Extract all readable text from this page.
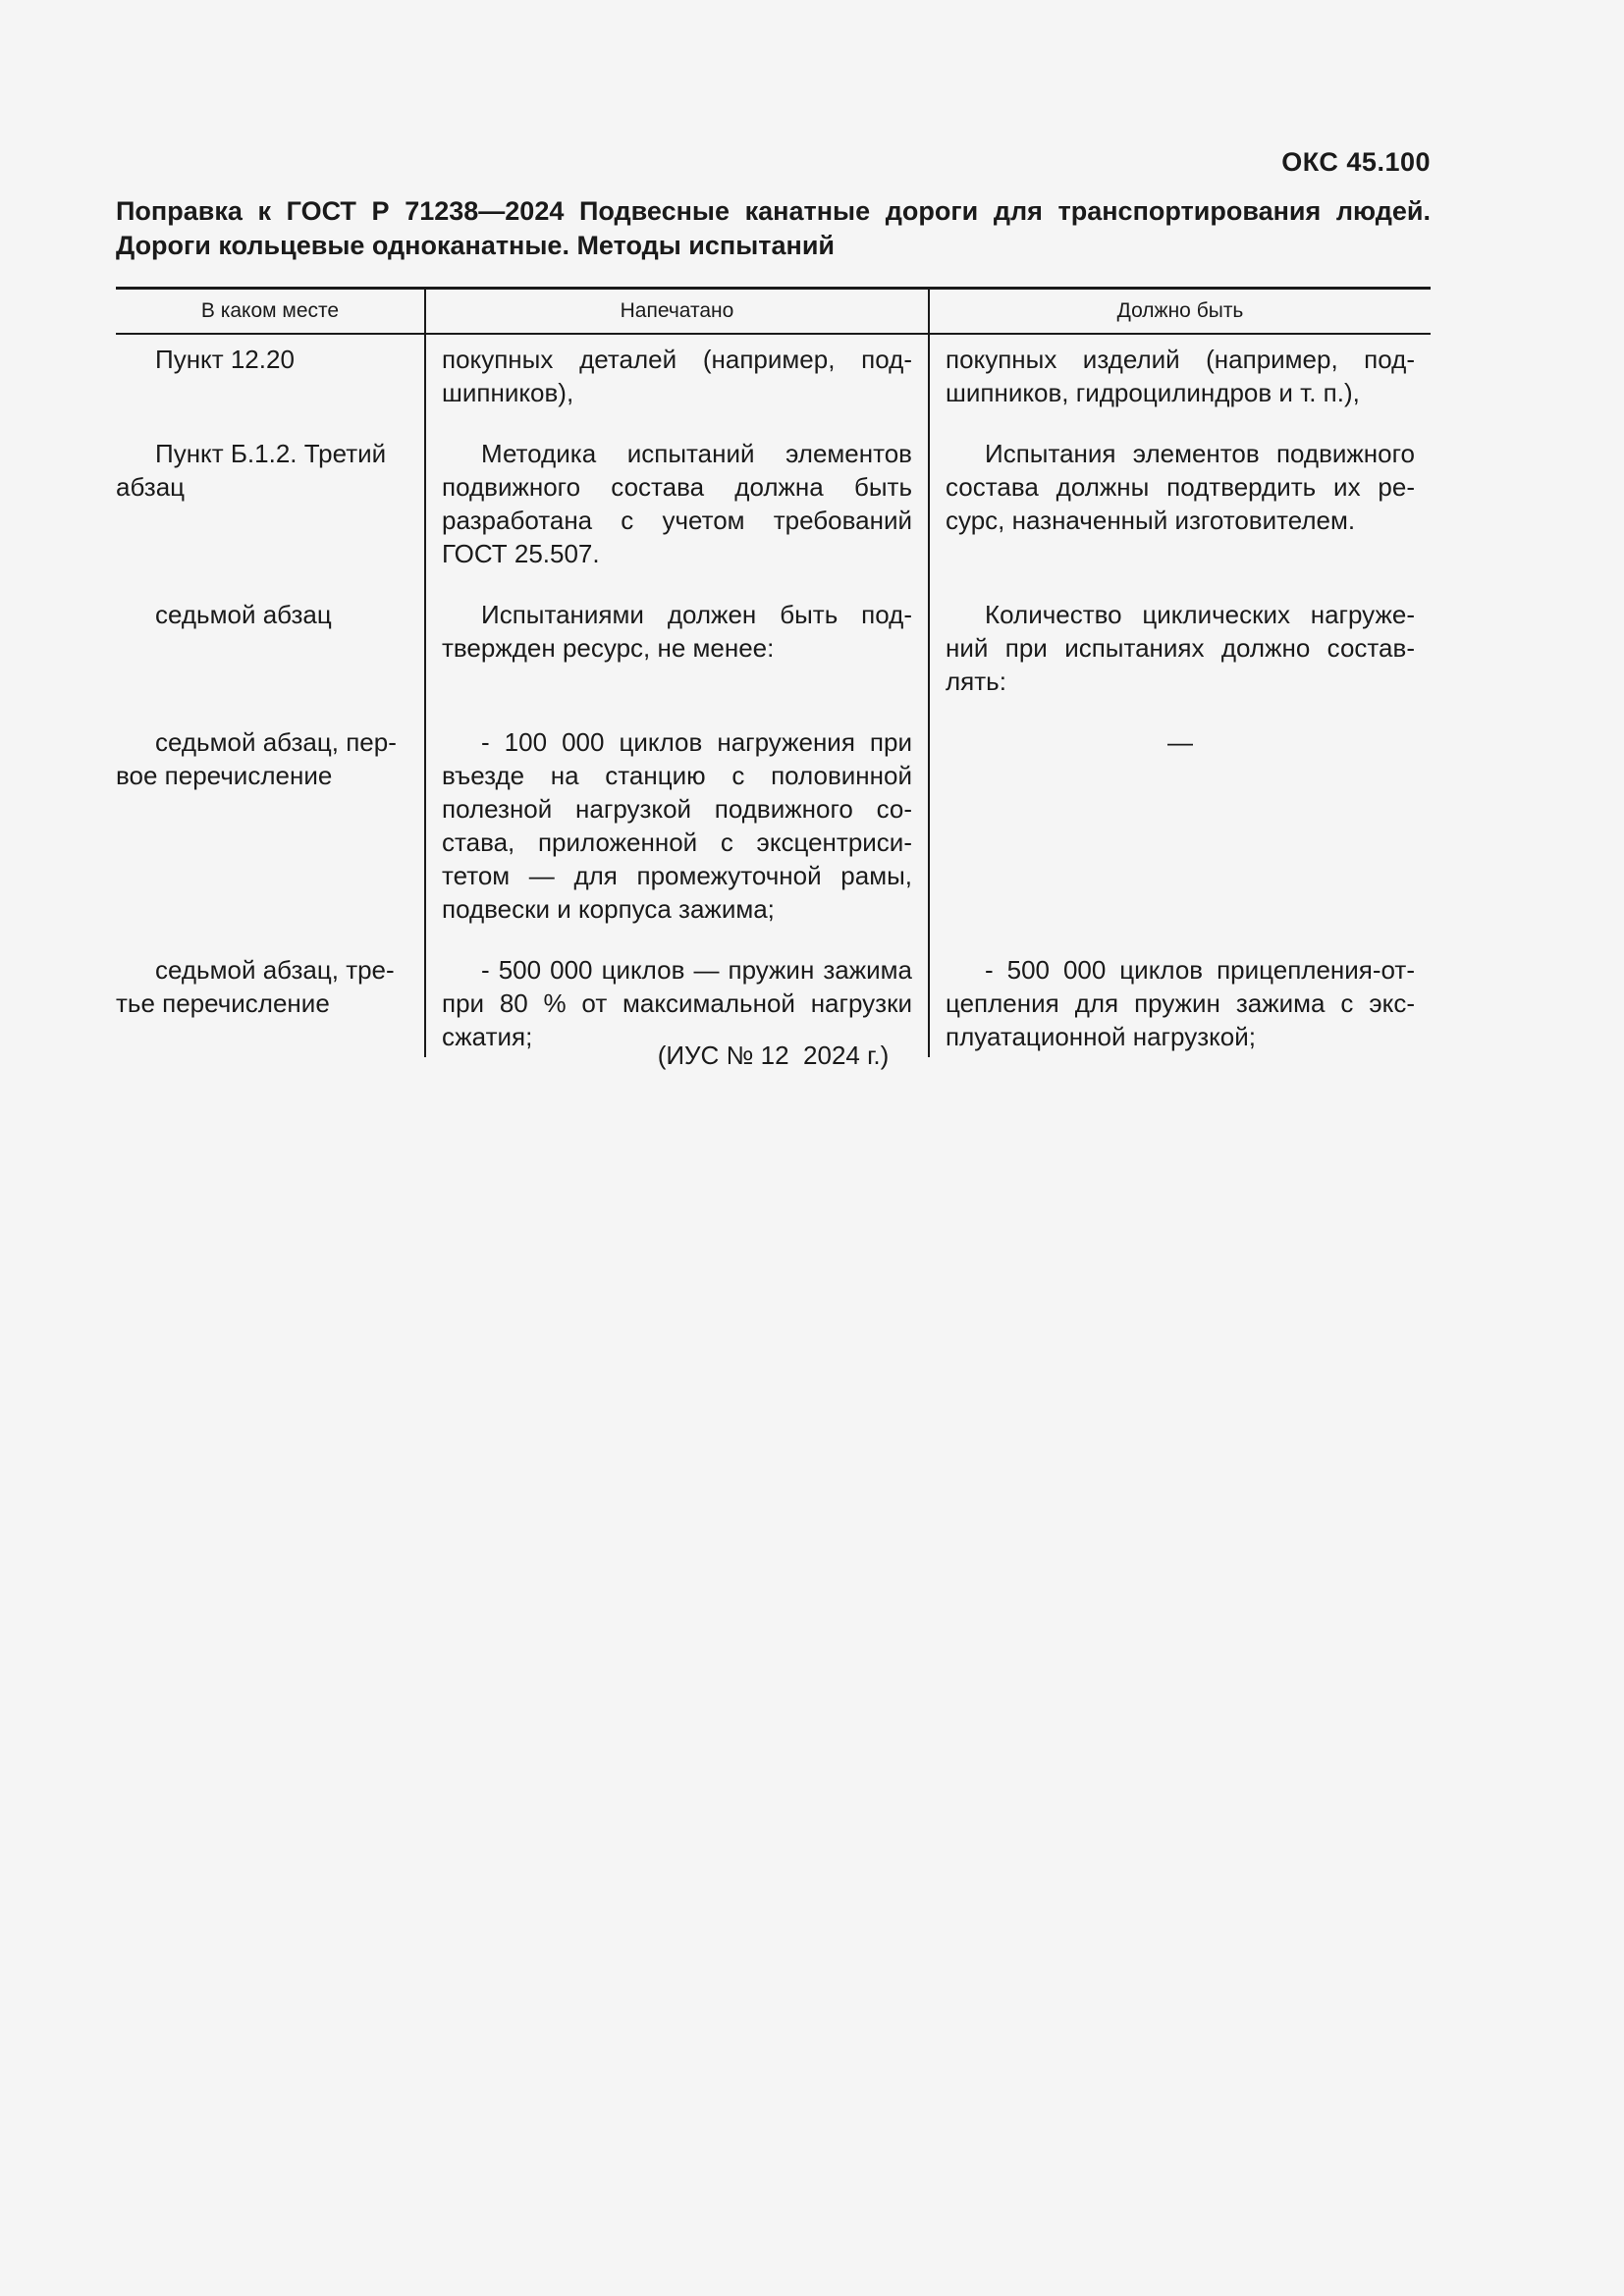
ОКС 45.100
Поправка к ГОСТ Р 71238—2024 Подвесные канатные дороги для транспортирования людей.
Дороги кольцевые одноканатные. Методы испытаний
В каком месте	Напечатано	Должно быть

Пункт 12.20	покупных деталей (например, подшипников),	покупных изделий (например, подшипников, гидроцилиндров и т. п.),

Пункт Б.1.2. Третий абзац	Методика испытаний элементов подвижного состава должна быть разработана с учетом требований ГОСТ 25.507.	Испытания элементов подвижного состава должны подтвердить их ресурс, назначенный изготовителем.

седьмой абзац	Испытаниями должен быть подтвержден ресурс, не менее:	Количество циклических нагружений при испытаниях должно составлять:

седьмой абзац, первое перечисление	- 100 000 циклов нагружения при въезде на станцию с половинной полезной нагрузкой подвижного состава, приложенной с эксцентриситетом — для промежуточной рамы, подвески и корпуса зажима;	—

седьмой абзац, третье перечисление	- 500 000 циклов — пружин зажима при 80 % от максимальной нагрузки сжатия;	- 500 000 циклов прицепления-отцепления для пружин зажима с эксплуатационной нагрузкой;
(ИУС № 12  2024 г.)
